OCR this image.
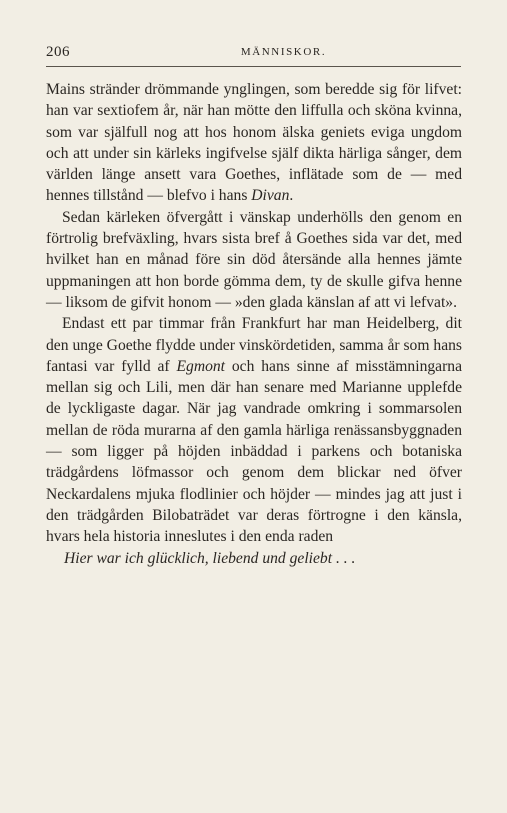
206	MÄNNISKOR.

Mains stränder drömmande ynglingen, som beredde sig för lifvet: han var sextiofem år, när han mötte den liffulla och sköna kvinna, som var själfull nog att hos honom älska geniets eviga ungdom och att under sin kärleks ingifvelse själf dikta härliga sånger, dem världen länge ansett vara Goethes, inflätade som de — med hennes tillstånd — blefvo i hans Divan.

Sedan kärleken öfvergått i vänskap underhölls den genom en förtrolig brefväxling, hvars sista bref å Goethes sida var det, med hvilket han en månad före sin död återsände alla hennes jämte uppmaningen att hon borde gömma dem, ty de skulle gifva henne — liksom de gifvit honom — »den glada känslan af att vi lefvat».

Endast ett par timmar från Frankfurt har man Heidelberg, dit den unge Goethe flydde under vinskördetiden, samma år som hans fantasi var fylld af Egmont och hans sinne af misstämningarna mellan sig och Lili, men där han senare med Marianne upplefde de lyckligaste dagar. När jag vandrade omkring i sommarsolen mellan de röda murarna af den gamla härliga renässansbyggnaden — som ligger på höjden inbäddad i parkens och botaniska trädgårdens löfmassor och genom dem blickar ned öfver Neckardalens mjuka flodlinier och höjder — mindes jag att just i den trädgården Bilobaträdet var deras förtrogne i den känsla, hvars hela historia inneslutes i den enda raden

Hier war ich glücklich, liebend und geliebt . . .
